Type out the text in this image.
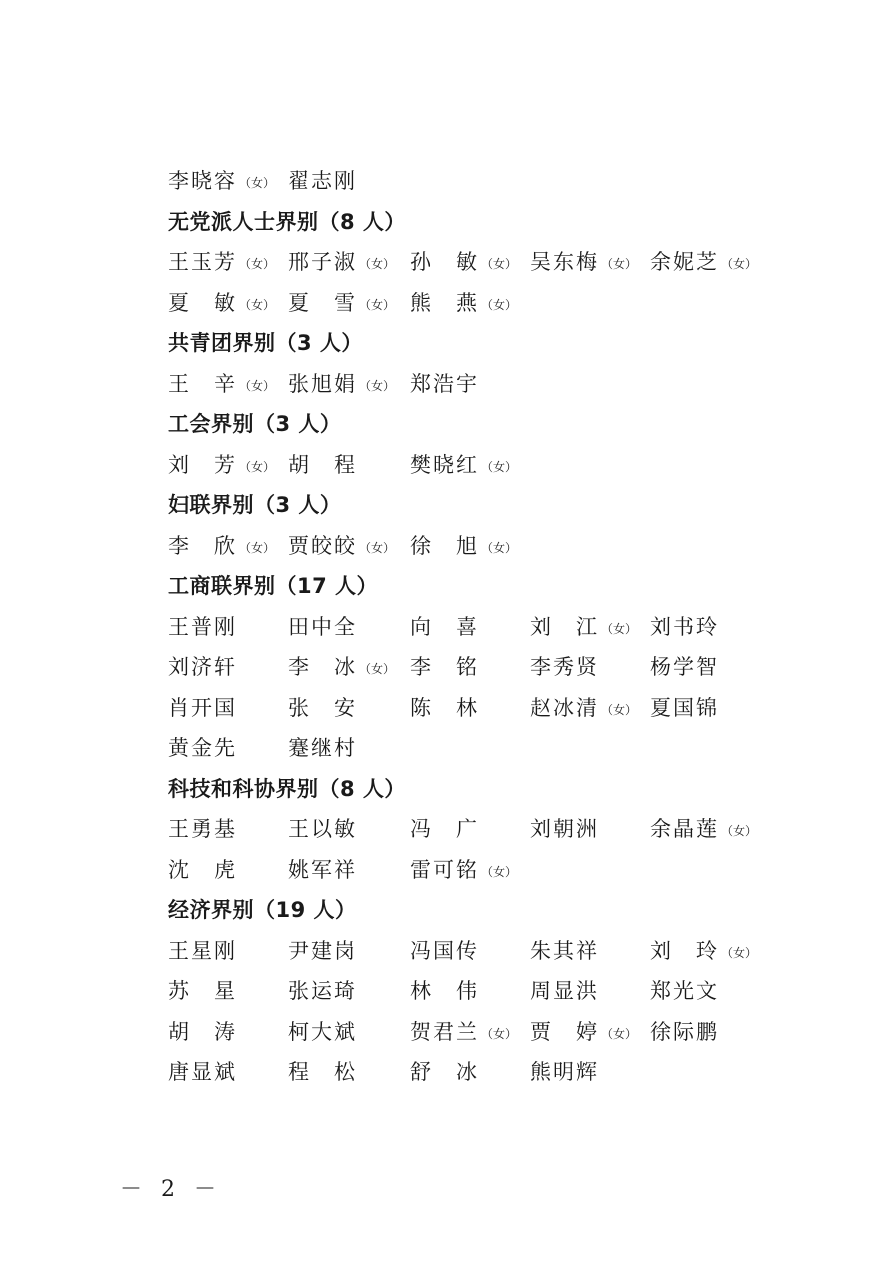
李晓容 （女） 翟志刚
无党派人士界别（8 人）
王玉芳 （女） 邢子淑 （女） 孙　敏 （女） 吴东梅 （女） 余妮芝 （女）
夏　敏 （女） 夏　雪 （女） 熊　燕 （女）
共青团界别（3 人）
王　辛 （女） 张旭娟 （女） 郑浩宇
工会界别（3 人）
刘　芳 （女） 胡　程	樊晓红 （女）
妇联界别（3 人）
李　欣 （女） 贾皎皎 （女） 徐　旭 （女）
工商联界别（17 人）
王普刚 田中全	向　喜 刘　江 （女） 刘书玲
刘济轩 李　冰 （女） 李　铭 李秀贤 杨学智
肖开国 张　安	陈　林 赵冰清 （女） 夏国锦
黄金先 蹇继村
科技和科协界别（8 人）
王勇基 王以敏	冯　广 刘朝洲 余晶莲 （女）
沈　虎 姚军祥	雷可铭 （女）
经济界别（19 人）
王星刚 尹建岗	冯国传 朱其祥 刘　玲 （女）
苏　星 张运琦	林　伟 周显洪 郑光文
胡　涛 柯大斌	贺君兰 （女） 贾　婷 （女） 徐际鹏
唐显斌 程　松	舒　冰 熊明辉
－ 2 －
